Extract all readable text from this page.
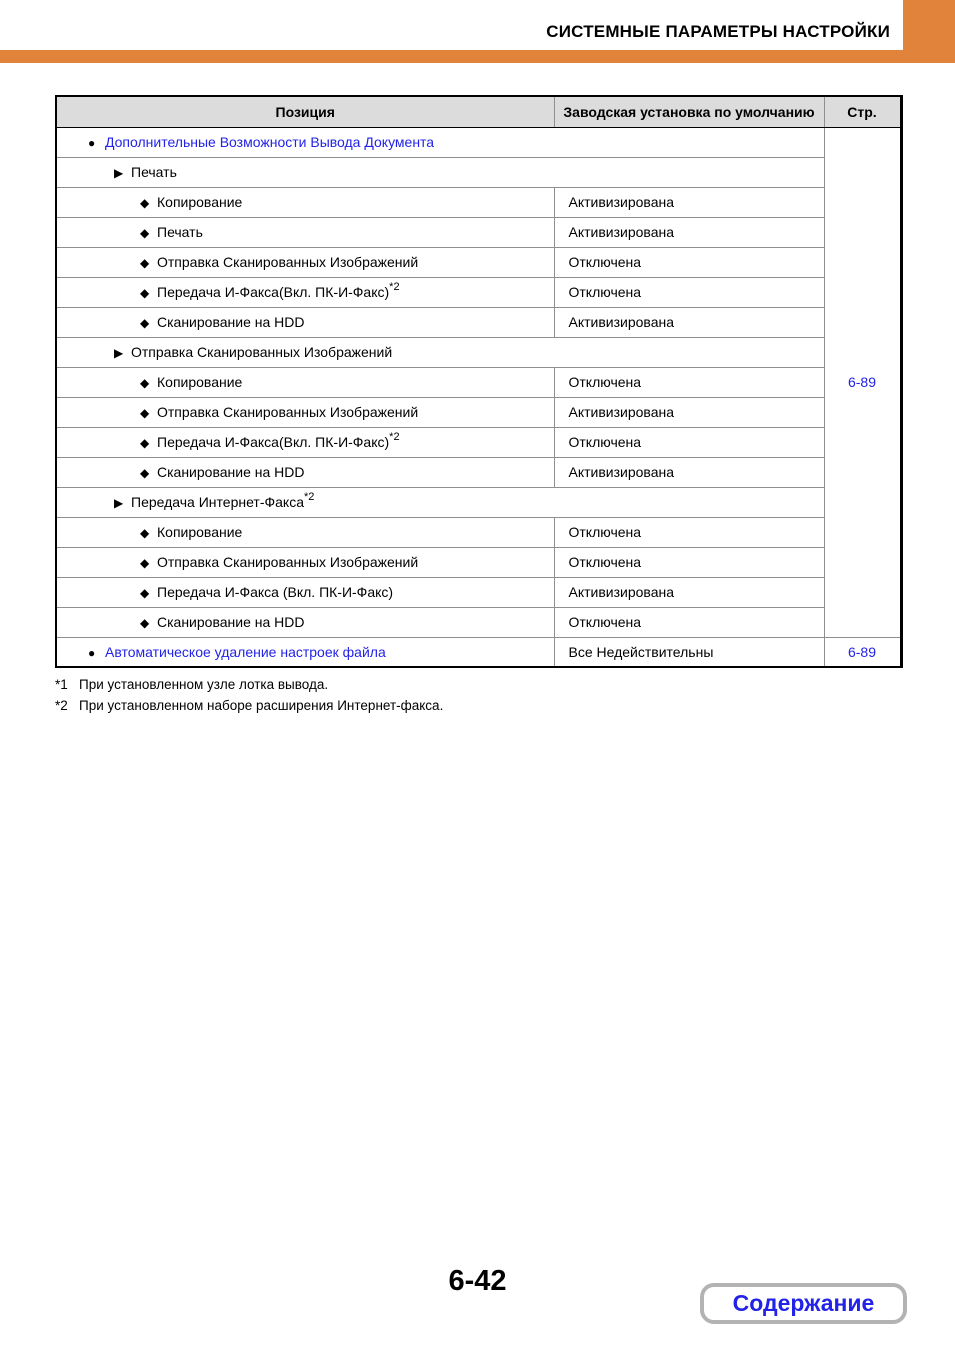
СИСТЕМНЫЕ ПАРАМЕТРЫ НАСТРОЙКИ
Позиция	Заводская установка по умолчанию	Стр.
● Дополнительные Возможности Вывода Документа		6-89
▶ Печать		
◆ Копирование	Активизирована	
◆ Печать	Активизирована	
◆ Отправка Сканированных Изображений	Отключена	
◆ Передача И-Факса(Вкл. ПК-И-Факс)$^{*2}$	Отключена	
◆ Сканирование на HDD	Активизирована	
▶ Отправка Сканированных Изображений		
◆ Копирование	Отключена	
◆ Отправка Сканированных Изображений	Активизирована	
◆ Передача И-Факса(Вкл. ПК-И-Факс)$^{*2}$	Отключена	
◆ Сканирование на HDD	Активизирована	
▶ Передача Интернет-Факса$^{*2}$
◆ Копирование	Отключена	
◆ Отправка Сканированных Изображений	Отключена	
◆ Передача И-Факса (Вкл. ПК-И-Факс)	Активизирована	
◆ Сканирование на HDD	Отключена	
● Автоматическое удаление настроек файла	Все Недействительны	6-89
*1 При установленном узле лотка вывода.
*2 При установленном наборе расширения Интернет-факса.
6-42
Содержание
